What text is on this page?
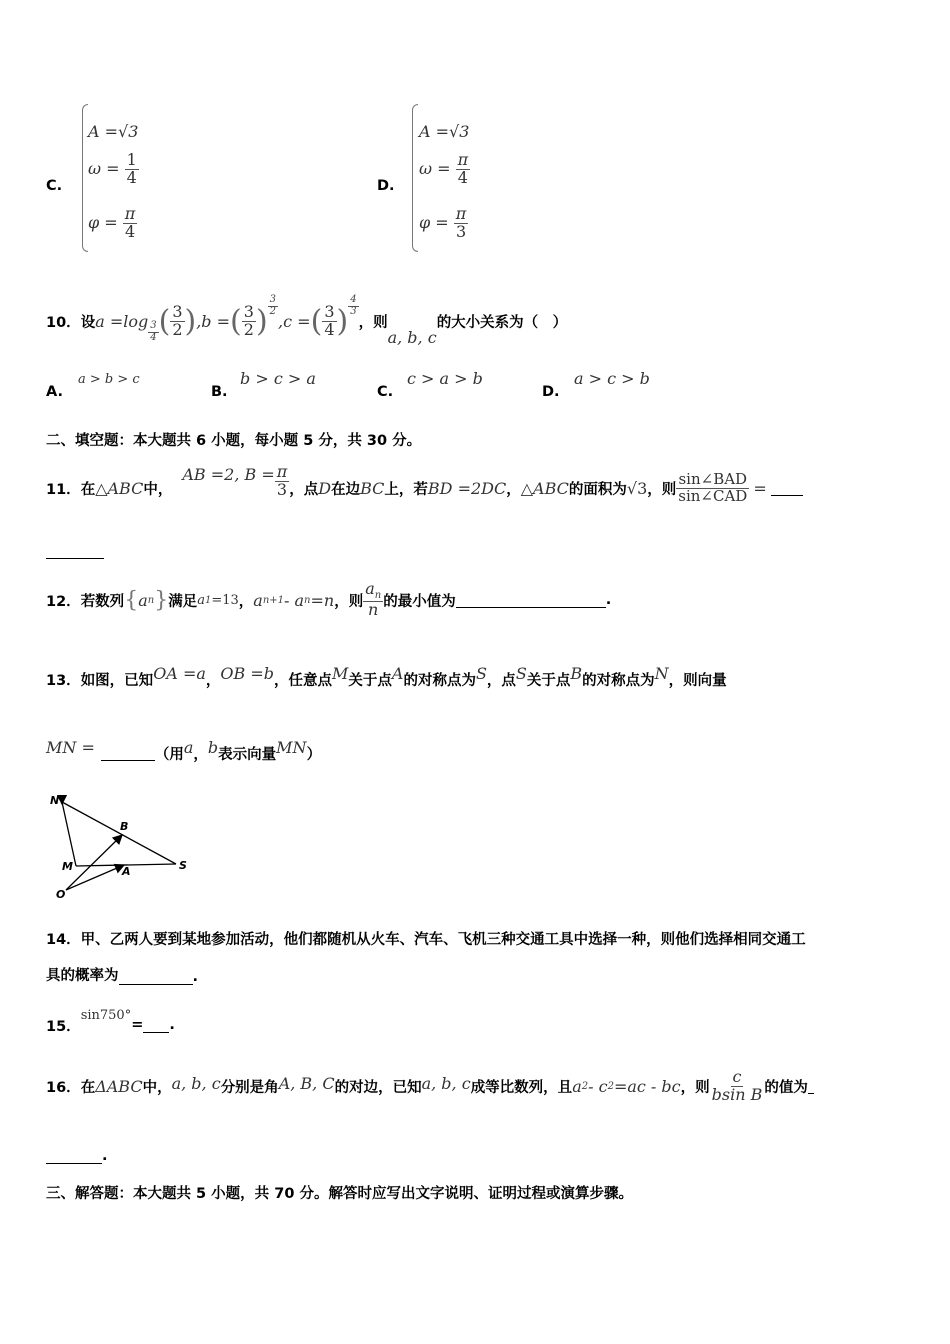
C.
A =√3
$\omega = \frac{1}{4}$
$\varphi = \frac{\pi}{4}$
D.
A =√3
$\omega = \frac{\pi}{4}$
$\varphi = \frac{\pi}{3}$
10． 设 $a =\log \frac{3}{4}$ ( $\frac{3}{2}$ ) ,b = ( $\frac{3}{2}$ ) $\frac{3}{2}$
,c = ( $\frac{3}{4}$ ) $\frac{4}{3}$
，则
a, b, c
的大小关系为（　）
A.
a > b > c
B.
b > c > a
C.
c > a > b
D.
a > c > b
二、填空题：本大题共 6 小题，每小题 5 分，共 30 分。
11． 在 △ABC 中，
AB =2, $B = \frac{\pi}{3}$ ，点 D 在边 BC 上，若 BD =2DC ， △ABC 的面积为 √3 ，则 $\frac{\text{sin∠BAD}}{\text{sin∠CAD}}$ =
12． 若数列 { a n } 满足 a 1 =13 ， a n+1 - a n =n ，则 $\frac{a_n}{n}$ 的最小值为	.
13． 如图，已知 OA =a ， OB =b ，任意点 M 关于点 A 的对称点为 S ，点 S 关于点 B 的对称点为 N ，则向量
MN =	（用 a ， b 表示向量 MN ）
N
B
M	A	S
O
14．甲、乙两人要到某地参加活动，他们都随机从火车、汽车、飞机三种交通工具中选择一种，则他们选择相同交通工
具的概率为	.
15．
sin750°
= .
16． 在 ΔABC 中， a, b, c 分别是角 A, B, C 的对边，已知 a, b, c 成等比数列，且 a 2 - c 2 =ac - bc ，则 $\frac{c}{\text{bsin B}}$ 的值为
.
三、解答题：本大题共 5 小题，共 70 分。解答时应写出文字说明、证明过程或演算步骤。
